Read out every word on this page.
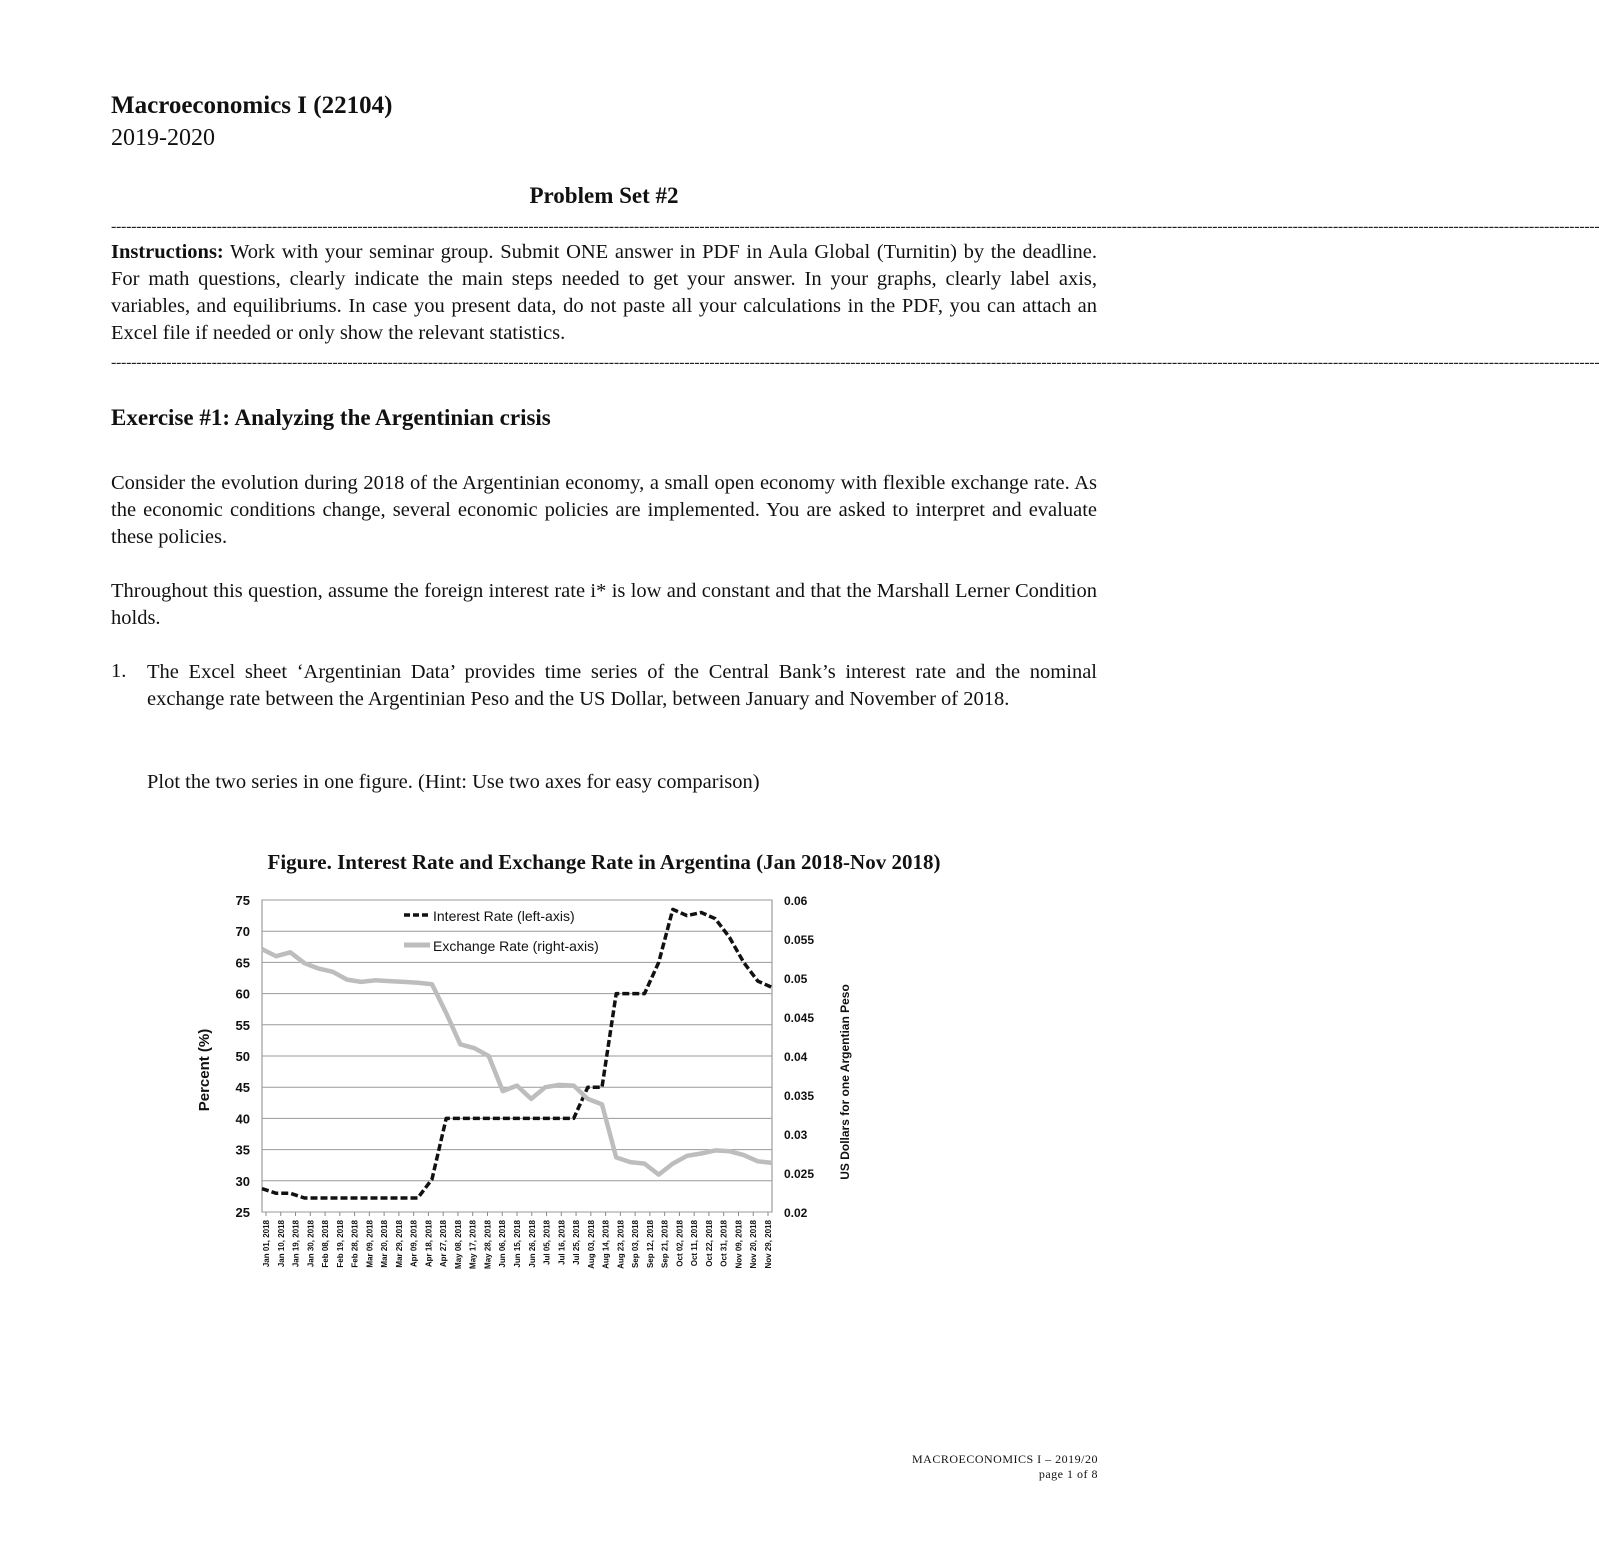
Macroeconomics I (22104)
2019-2020
Problem Set #2
--------------------------------------------------------------------------------------------------------------------------------------------------------------------------------------------------------------------------------------------------------------------------------------------------------
Instructions: Work with your seminar group. Submit ONE answer in PDF in Aula Global (Turnitin) by the deadline. For math questions, clearly indicate the main steps needed to get your answer. In your graphs, clearly label axis, variables, and equilibriums. In case you present data, do not paste all your calculations in the PDF, you can attach an Excel file if needed or only show the relevant statistics.
--------------------------------------------------------------------------------------------------------------------------------------------------------------------------------------------------------------------------------------------------------------------------------------------------------
Exercise #1: Analyzing the Argentinian crisis
Consider the evolution during 2018 of the Argentinian economy, a small open economy with flexible exchange rate. As the economic conditions change, several economic policies are implemented. You are asked to interpret and evaluate these policies.
Throughout this question, assume the foreign interest rate i* is low and constant and that the Marshall Lerner Condition holds.
1. The Excel sheet ‘Argentinian Data’ provides time series of the Central Bank’s interest rate and the nominal exchange rate between the Argentinian Peso and the US Dollar, between January and November of 2018.
Plot the two series in one figure. (Hint: Use two axes for easy comparison)
Figure. Interest Rate and Exchange Rate in Argentina (Jan 2018-Nov 2018)
75
70
65
60
55
50
45
40
35
30
25
0.06
0.055
0.05
0.045
0.04
0.035
0.03
0.025
0.02
Jan 01, 2018 Jan 10, 2018 Jan 19, 2018 Jan 30, 2018 Feb 08, 2018 Feb 19, 2018 Feb 28, 2018 Mar 09, 2018 Mar 20, 2018 Mar 29, 2018 Apr 09, 2018 Apr 18, 2018 Apr 27, 2018 May 08, 2018 May 17, 2018 May 28, 2018 Jun 06, 2018 Jun 15, 2018 Jun 26, 2018 Jul 05, 2018 Jul 16, 2018 Jul 25, 2018 Aug 03, 2018 Aug 14, 2018 Aug 23, 2018 Sep 03, 2018 Sep 12, 2018 Sep 21, 2018 Oct 02, 2018 Oct 11, 2018 Oct 22, 2018 Oct 31, 2018 Nov 09, 2018 Nov 20, 2018 Nov 29, 2018
Interest Rate (left-axis)
Exchange Rate (right-axis)
Percent (%)	US Dollars for one Argentian Peso
MACROECONOMICS I – 2019/20
page 1 of 8
